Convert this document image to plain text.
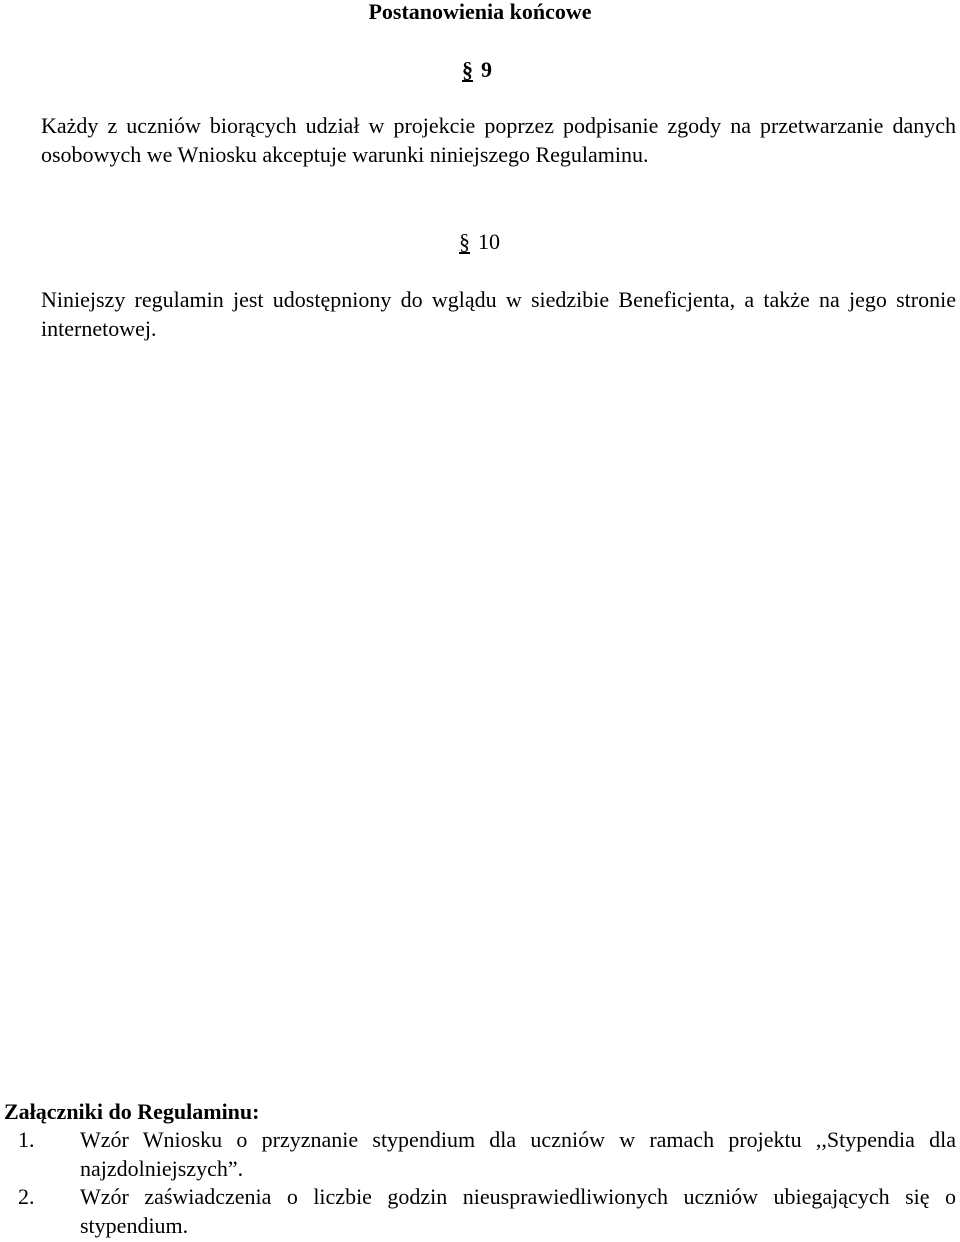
Postanowienia końcowe
§ 9

Każdy z uczniów biorących udział w projekcie poprzez podpisanie zgody na przetwarzanie danych osobowych we Wniosku akceptuje warunki niniejszego Regulaminu.

§ 10

Niniejszy regulamin jest udostępniony do wglądu w siedzibie Beneficjenta, a także na jego stronie internetowej.

Załączniki do Regulaminu:
1. Wzór Wniosku o przyznanie stypendium dla uczniów w ramach projektu ,,Stypendia dla najzdolniejszych”.
2. Wzór zaświadczenia o liczbie godzin nieusprawiedliwionych uczniów ubiegających się o stypendium.
